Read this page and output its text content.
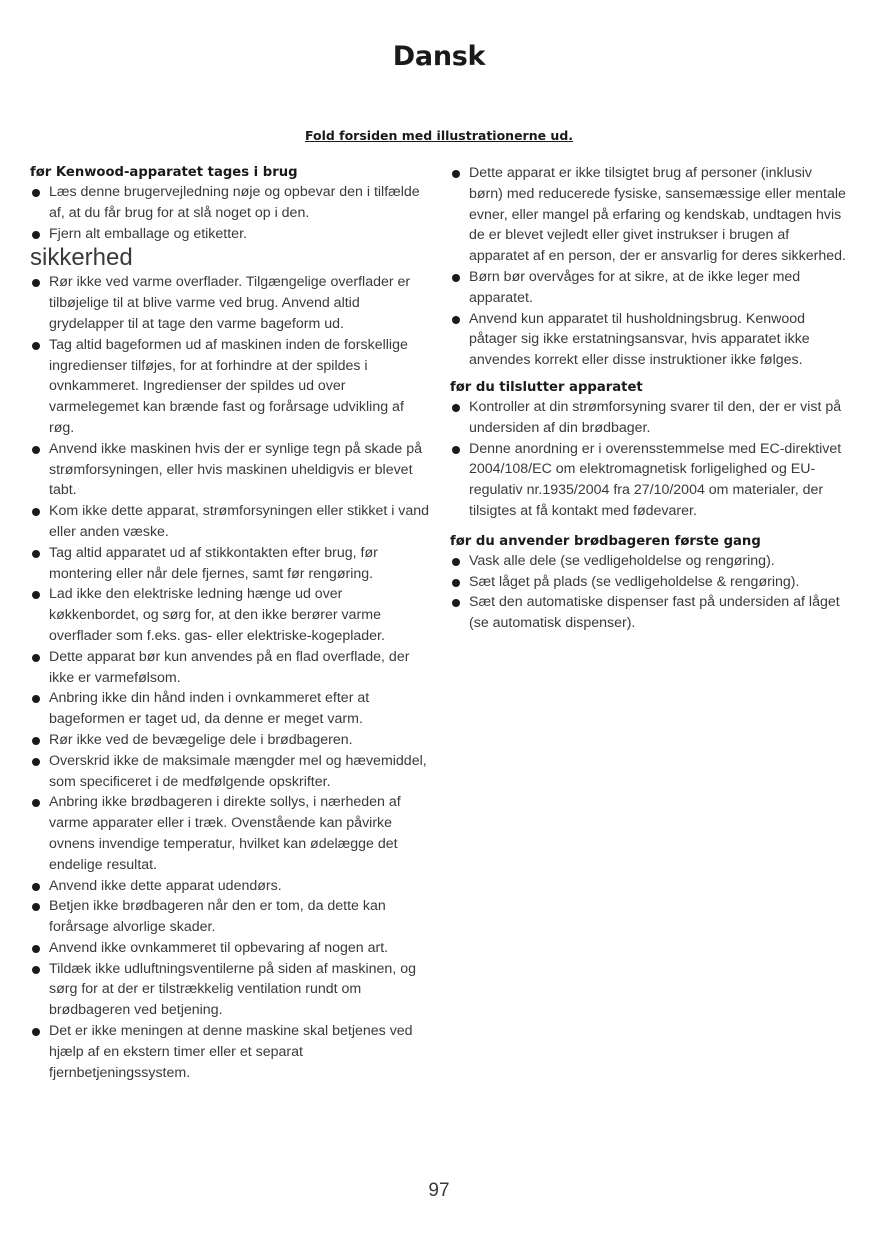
Dansk
Fold forsiden med illustrationerne ud.

før Kenwood-apparatet tages i brug

Læs denne brugervejledning nøje og opbevar den i tilfælde af, at du får brug for at slå noget op i den.
Fjern alt emballage og etiketter.

sikkerhed

Rør ikke ved varme overflader. Tilgængelige overflader er tilbøjelige til at blive varme ved brug. Anvend altid grydelapper til at tage den varme bageform ud.
Tag altid bageformen ud af maskinen inden de forskellige ingredienser tilføjes, for at forhindre at der spildes i ovnkammeret. Ingredienser der spildes ud over varmelegemet kan brænde fast og forårsage udvikling af røg.
Anvend ikke maskinen hvis der er synlige tegn på skade på strømforsyningen, eller hvis maskinen uheldigvis er blevet tabt.
Kom ikke dette apparat, strømforsyningen eller stikket i vand eller anden væske.
Tag altid apparatet ud af stikkontakten efter brug, før montering eller når dele fjernes, samt før rengøring.
Lad ikke den elektriske ledning hænge ud over køkkenbordet, og sørg for, at den ikke berører varme overflader som f.eks. gas- eller elektriske-kogeplader.
Dette apparat bør kun anvendes på en flad overflade, der ikke er varmefølsom.
Anbring ikke din hånd inden i ovnkammeret efter at bageformen er taget ud, da denne er meget varm.
Rør ikke ved de bevægelige dele i brødbageren.
Overskrid ikke de maksimale mængder mel og hævemiddel, som specificeret i de medfølgende opskrifter.
Anbring ikke brødbageren i direkte sollys, i nærheden af varme apparater eller i træk. Ovenstående kan påvirke ovnens invendige temperatur, hvilket kan ødelægge det endelige resultat.
Anvend ikke dette apparat udendørs.
Betjen ikke brødbageren når den er tom, da dette kan forårsage alvorlige skader.
Anvend ikke ovnkammeret til opbevaring af nogen art.
Tildæk ikke udluftningsventilerne på siden af maskinen, og sørg for at der er tilstrækkelig ventilation rundt om brødbageren ved betjening.
Det er ikke meningen at denne maskine skal betjenes ved hjælp af en ekstern timer eller et separat fjernbetjeningssystem.
Dette apparat er ikke tilsigtet brug af personer (inklusiv børn) med reducerede fysiske, sansemæssige eller mentale evner, eller mangel på erfaring og kendskab, undtagen hvis de er blevet vejledt eller givet instrukser i brugen af apparatet af en person, der er ansvarlig for deres sikkerhed.
Børn bør overvåges for at sikre, at de ikke leger med apparatet.
Anvend kun apparatet til husholdningsbrug. Kenwood påtager sig ikke erstatningsansvar, hvis apparatet ikke anvendes korrekt eller disse instruktioner ikke følges.

før du tilslutter apparatet

Kontroller at din strømforsyning svarer til den, der er vist på undersiden af din brødbager.
Denne anordning er i overensstemmelse med EC-direktivet 2004/108/EC om elektromagnetisk forligelighed og EU-regulativ nr.1935/2004 fra 27/10/2004 om materialer, der tilsigtes at få kontakt med fødevarer.

før du anvender brødbageren første gang

Vask alle dele (se vedligeholdelse og rengøring).
Sæt låget på plads (se vedligeholdelse & rengøring).
Sæt den automatiske dispenser fast på undersiden af låget (se automatisk dispenser).
97
